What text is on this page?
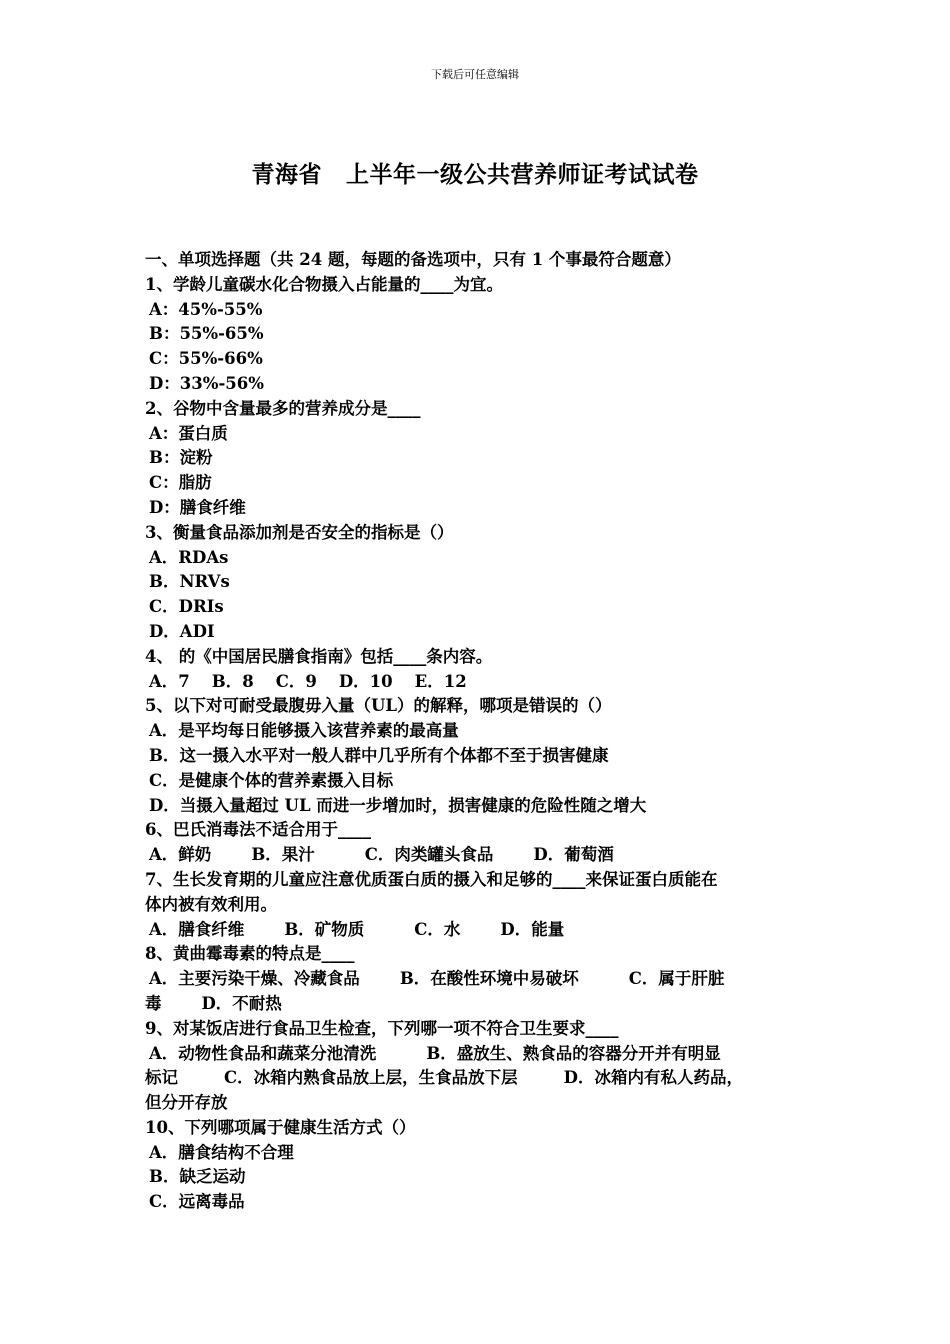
下载后可任意编辑
青海省 上半年一级公共营养师证考试试卷
一、单项选择题（共 24 题，每题的备选项中，只有 1 个事最符合题意）
1、学龄儿童碳水化合物摄入占能量的____为宜。
A：45%-55%
B：55%-65%
C：55%-66%
D：33%-56%
2、谷物中含量最多的营养成分是____
A：蛋白质
B：淀粉
C：脂肪
D：膳食纤维
3、衡量食品添加剂是否安全的指标是（）
A．RDAs
B．NRVs
C．DRIs
D．ADI
4、 的《中国居民膳食指南》包括____条内容。
A．7 B．8 C．9 D．10 E．12
5、以下对可耐受最腹毋入量（UL）的解释，哪项是错误的（）
A．是平均每日能够摄入该营养素的最高量
B．这一摄入水平对一般人群中几乎所有个体都不至于损害健康
C．是健康个体的营养素摄入目标
D．当摄入量超过 UL 而进一步增加时，损害健康的危险性随之增大
6、巴氏消毒法不适合用于____
A．鲜奶 B．果汁	C．肉类罐头食品 D．葡萄酒
7、生长发育期的儿童应注意优质蛋白质的摄入和足够的____来保证蛋白质能在
体内被有效利用。
A．膳食纤维 B．矿物质	C．水 D．能量
8、黄曲霉毒素的特点是____
A．主要污染干燥、冷藏食品 B．在酸性环境中易破坏	C．属于肝脏
毒 D．不耐热
9、对某饭店进行食品卫生检查，下列哪一项不符合卫生要求____
A．动物性食品和蔬菜分池清洗	B．盛放生、熟食品的容器分开并有明显
标记	C．冰箱内熟食品放上层，生食品放下层	D．冰箱内有私人药品，
但分开存放
10、下列哪项属于健康生活方式（）
A．膳食结构不合理
B．缺乏运动
C．远离毒品
